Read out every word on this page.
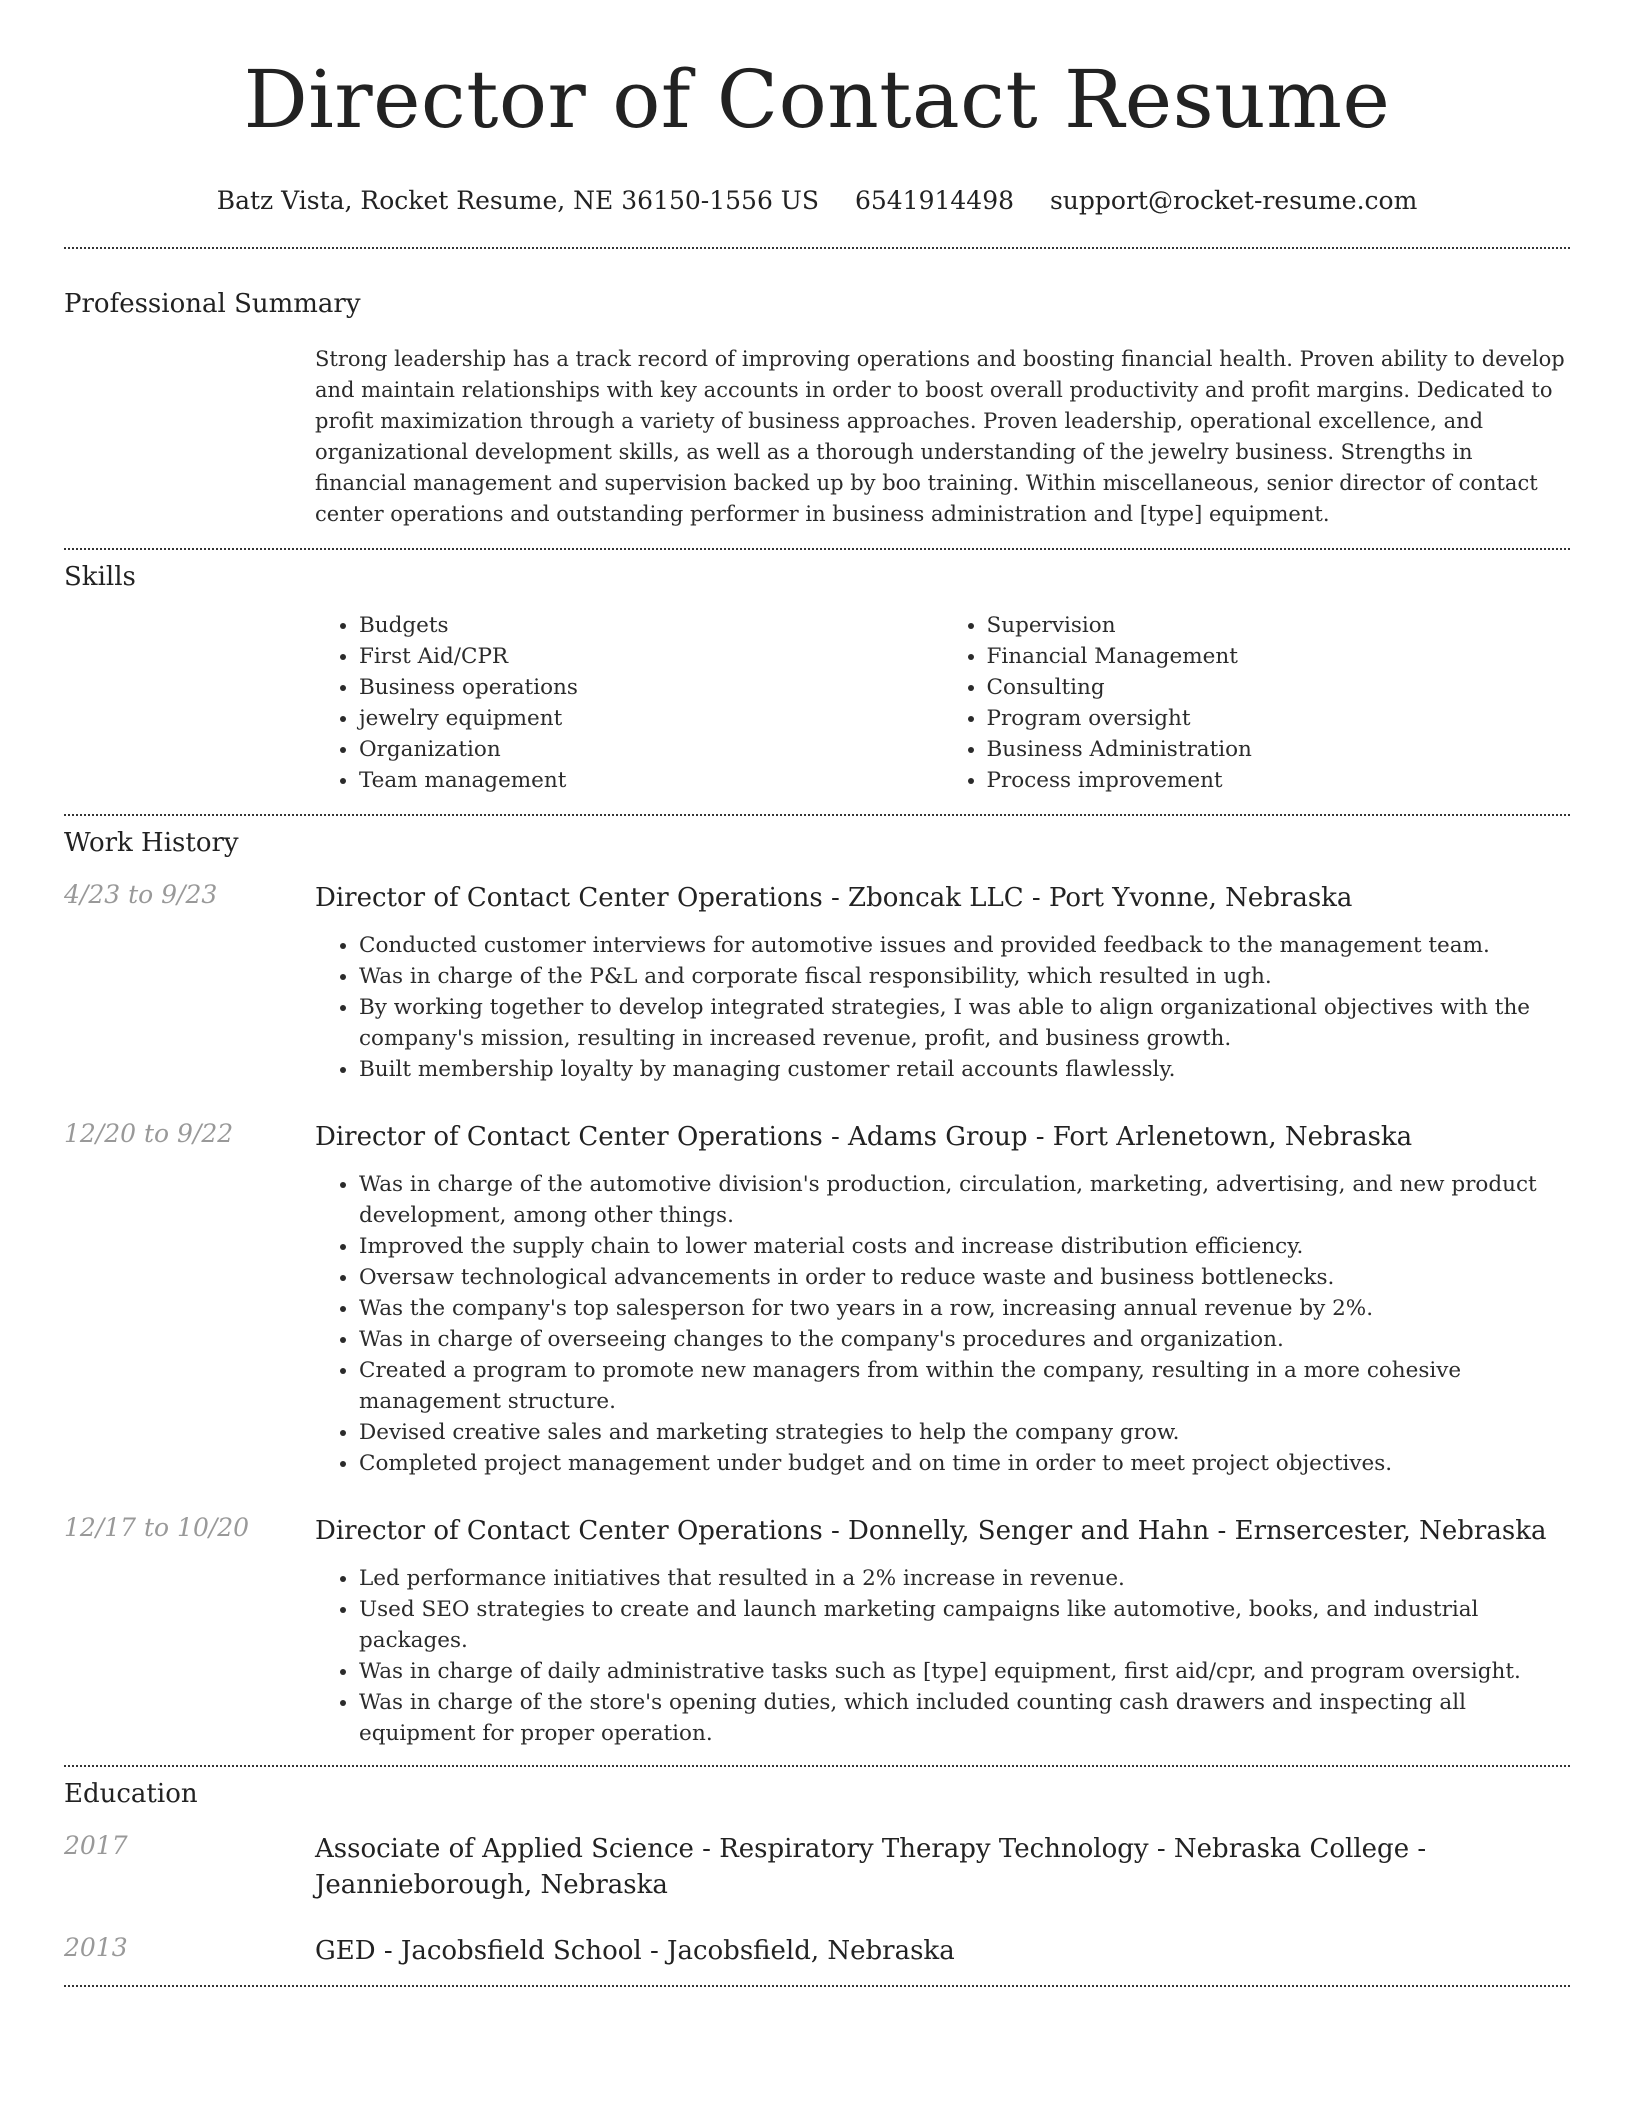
Director of Contact Resume
Batz Vista, Rocket Resume, NE 36150-1556 US 6541914498 support@rocket-resume.com
Professional Summary
Strong leadership has a track record of improving operations and boosting financial health. Proven ability to develop and maintain relationships with key accounts in order to boost overall productivity and profit margins. Dedicated to profit maximization through a variety of business approaches. Proven leadership, operational excellence, and organizational development skills, as well as a thorough understanding of the jewelry business. Strengths in financial management and supervision backed up by boo training. Within miscellaneous, senior director of contact center operations and outstanding performer in business administration and [type] equipment.
Skills
• Budgets
• First Aid/CPR
• Business operations
• jewelry equipment
• Organization
• Team management
• Supervision
• Financial Management
• Consulting
• Program oversight
• Business Administration
• Process improvement
Work History
4/23 to 9/23	Director of Contact Center Operations - Zboncak LLC - Port Yvonne, Nebraska
• Conducted customer interviews for automotive issues and provided feedback to the management team.
• Was in charge of the P&L and corporate fiscal responsibility, which resulted in ugh.
• By working together to develop integrated strategies, I was able to align organizational objectives with the company's mission, resulting in increased revenue, profit, and business growth.
• Built membership loyalty by managing customer retail accounts flawlessly.
12/20 to 9/22	Director of Contact Center Operations - Adams Group - Fort Arlenetown, Nebraska
• Was in charge of the automotive division's production, circulation, marketing, advertising, and new product development, among other things.
• Improved the supply chain to lower material costs and increase distribution efficiency.
• Oversaw technological advancements in order to reduce waste and business bottlenecks.
• Was the company's top salesperson for two years in a row, increasing annual revenue by 2%.
• Was in charge of overseeing changes to the company's procedures and organization.
• Created a program to promote new managers from within the company, resulting in a more cohesive management structure.
• Devised creative sales and marketing strategies to help the company grow.
• Completed project management under budget and on time in order to meet project objectives.
12/17 to 10/20	Director of Contact Center Operations - Donnelly, Senger and Hahn - Ernsercester, Nebraska
• Led performance initiatives that resulted in a 2% increase in revenue.
• Used SEO strategies to create and launch marketing campaigns like automotive, books, and industrial packages.
• Was in charge of daily administrative tasks such as [type] equipment, first aid/cpr, and program oversight.
• Was in charge of the store's opening duties, which included counting cash drawers and inspecting all equipment for proper operation.
Education
2017	Associate of Applied Science - Respiratory Therapy Technology - Nebraska College - Jeannieborough, Nebraska
2013	GED - Jacobsfield School - Jacobsfield, Nebraska
